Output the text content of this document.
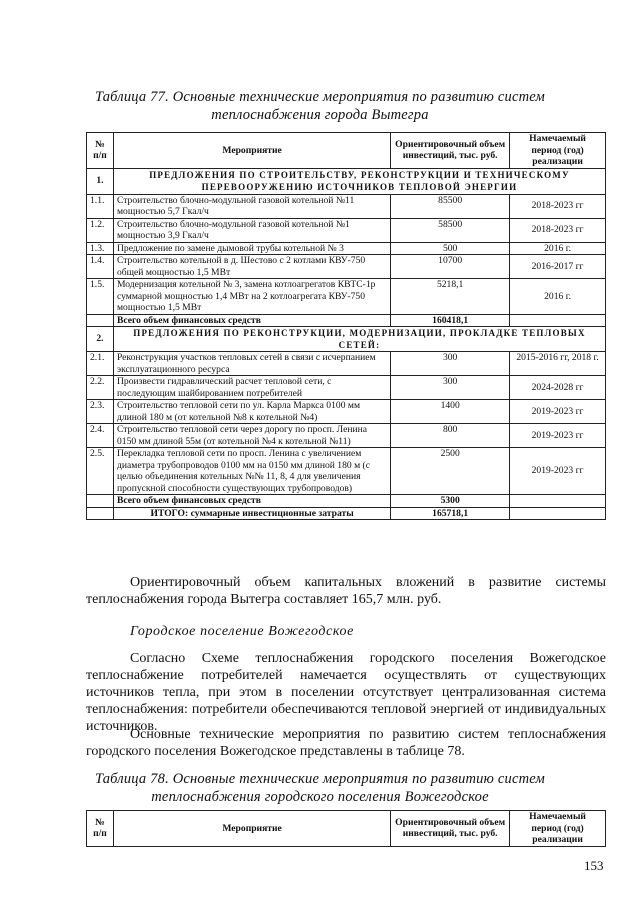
Таблица 77. Основные технические мероприятия по развитию систем
теплоснабжения города Вытегра
№ п/п	Мероприятие	Ориентировочный объем инвестиций, тыс. руб.	Намечаемый период (год) реализации
1.	ПРЕДЛОЖЕНИЯ ПО СТРОИТЕЛЬСТВУ, РЕКОНСТРУКЦИИ И ТЕХНИЧЕСКОМУ ПЕРЕВООРУЖЕНИЮ ИСТОЧНИКОВ ТЕПЛОВОЙ ЭНЕРГИИ		
1.1.	Строительство блочно-модульной газовой котельной №11 мощностью 5,7 Гкал/ч	85500	2018-2023 гг
1.2.	Строительство блочно-модульной газовой котельной №1 мощностью 3,9 Гкал/ч	58500	2018-2023 гг
1.3.	Предложение по замене дымовой трубы котельной № 3	500	2016 г.
1.4.	Строительство котельной в д. Шестово с 2 котлами КВУ-750 общей мощностью 1,5 МВт	10700	2016-2017 гг
1.5.	Модернизация котельной № 3, замена котлоагрегатов КВТС-1р суммарной мощностью 1,4 МВт на 2 котлоагрегата КВУ-750 мощностью 1,5 МВт	5218,1	2016 г.
	Всего объем финансовых средств	160418,1	
2.	ПРЕДЛОЖЕНИЯ ПО РЕКОНСТРУКЦИИ, МОДЕРНИЗАЦИИ, ПРОКЛАДКЕ ТЕПЛОВЫХ СЕТЕЙ:		
2.1.	Реконструкция участков тепловых сетей в связи с исчерпанием эксплуатационного ресурса	300	2015-2016 гг, 2018 г.
2.2.	Произвести гидравлический расчет тепловой сети, с последующим шайбированием потребителей	300	2024-2028 гг
2.3.	Строительство тепловой сети по ул. Карла Маркса 0100 мм длиной 180 м (от котельной №8 к котельной №4)	1400	2019-2023 гг
2.4.	Строительство тепловой сети через дорогу по просп. Ленина 0150 мм длиной 55м (от котельной №4 к котельной №11)	800	2019-2023 гг
2.5.	Перекладка тепловой сети по просп. Ленина с увеличением диаметра трубопроводов 0100 мм на 0150 мм длиной 180 м (с целью объединения котельных №№ 11, 8, 4 для увеличения пропускной способности существующих трубопроводов)	2500	2019-2023 гг
	Всего объем финансовых средств	5300	
	ИТОГО: суммарные инвестиционные затраты	165718,1	
Ориентировочный объем капитальных вложений в развитие системы теплоснабжения города Вытегра составляет 165,7 млн. руб.
Городское поселение Вожегодское
Согласно Схеме теплоснабжения городского поселения Вожегодское теплоснабжение потребителей намечается осуществлять от существующих источников тепла, при этом в поселении отсутствует централизованная система теплоснабжения: потребители обеспечиваются тепловой энергией от индивидуальных источников.
Основные технические мероприятия по развитию систем теплоснабжения городского поселения Вожегодское представлены в таблице 78.
Таблица 78. Основные технические мероприятия по развитию систем
теплоснабжения городского поселения Вожегодское
№ п/п	Мероприятие	Ориентировочный объем инвестиций, тыс. руб.	Намечаемый период (год) реализации
153
